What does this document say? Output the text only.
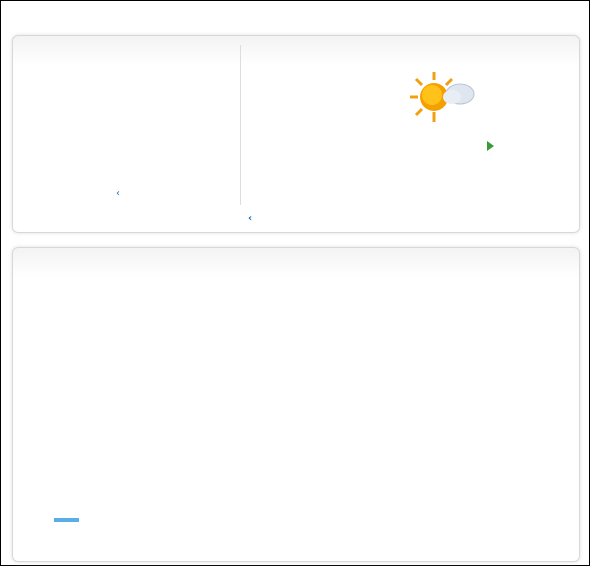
‹
‹
